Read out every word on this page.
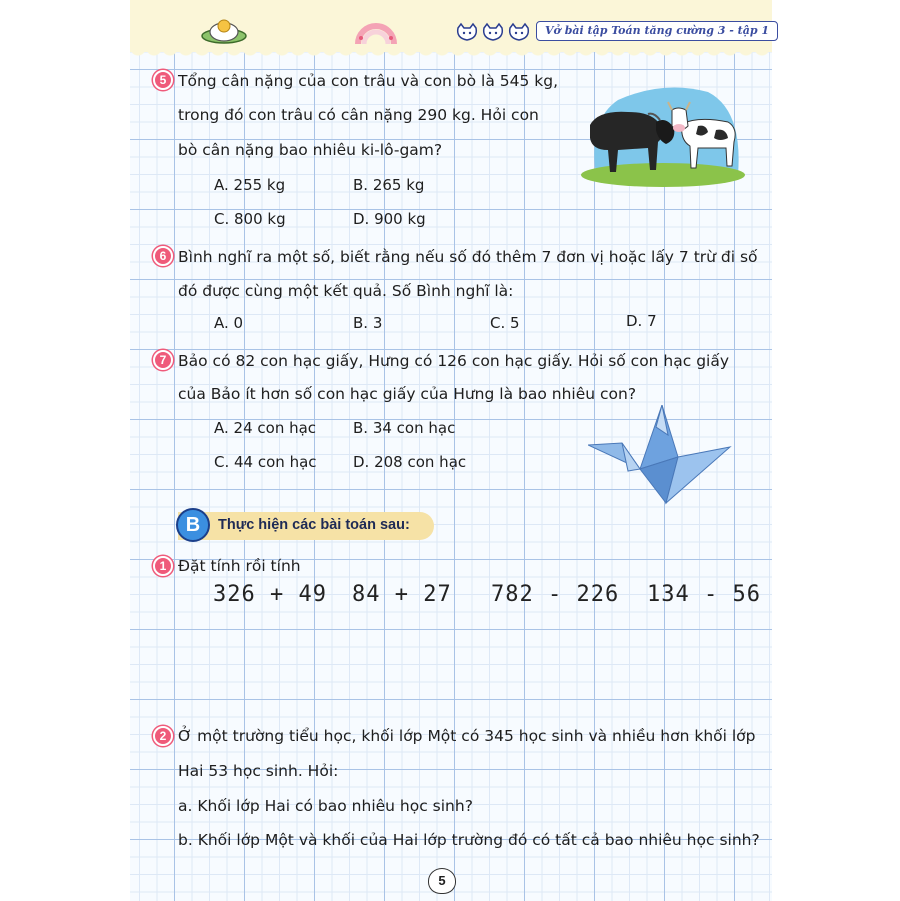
Vở bài tập Toán tăng cường 3 - tập 1
5 Tổng cân nặng của con trâu và con bò là 545 kg,
trong đó con trâu có cân nặng 290 kg. Hỏi con
bò cân nặng bao nhiêu ki-lô-gam?
A. 255 kg	B. 265 kg
C. 800 kg	D. 900 kg
6 Bình nghĩ ra một số, biết rằng nếu số đó thêm 7 đơn vị hoặc lấy 7 trừ đi số
đó được cùng một kết quả. Số Bình nghĩ là:
A. 0	B. 3	C. 5	D. 7
7 Bảo có 82 con hạc giấy, Hưng có 126 con hạc giấy. Hỏi số con hạc giấy
của Bảo ít hơn số con hạc giấy của Hưng là bao nhiêu con?
A. 24 con hạc B. 34 con hạc
C. 44 con hạc D. 208 con hạc
B	Thực hiện các bài toán sau:
1 Đặt tính rồi tính
326 + 49 84 + 27 782 - 226 134 - 56
2 Ở một trường tiểu học, khối lớp Một có 345 học sinh và nhiều hơn khối lớp
Hai 53 học sinh. Hỏi:
a. Khối lớp Hai có bao nhiêu học sinh?
b. Khối lớp Một và khối của Hai lớp trường đó có tất cả bao nhiêu học sinh?
5
